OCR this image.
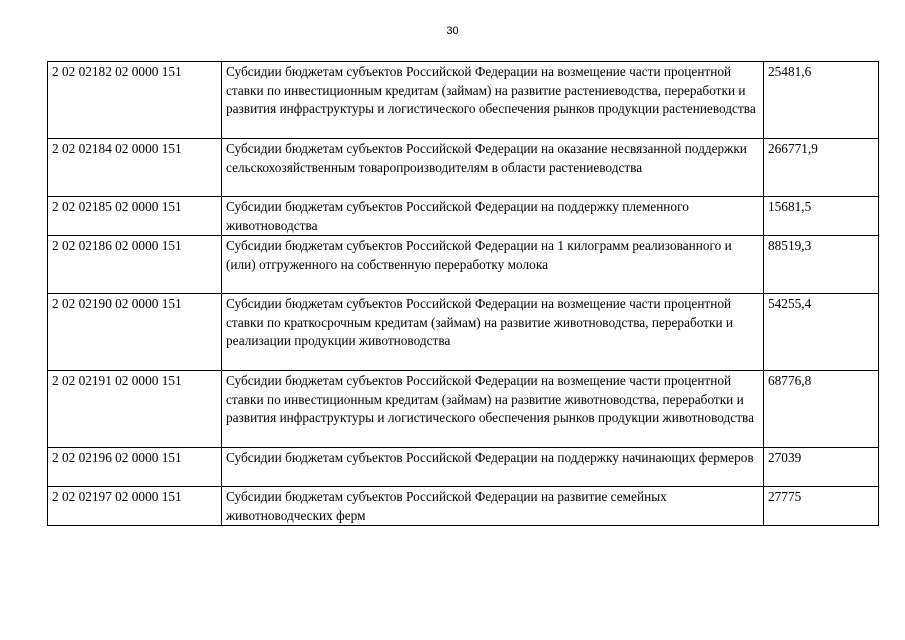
30
2 02 02182 02 0000 151	Субсидии бюджетам субъектов Российской Федерации на возмещение части процентной ставки по инвестиционным кредитам (займам) на развитие растениеводства, переработки и развития инфраструктуры и логистического обеспечения рынков продукции растениеводства	25481,6
2 02 02184 02 0000 151	Субсидии бюджетам субъектов Российской Федерации на оказание несвязанной поддержки сельскохозяйственным товаропроизводителям в области растениеводства	266771,9
2 02 02185 02 0000 151	Субсидии бюджетам субъектов Российской Федерации на поддержку племенного животноводства	15681,5
2 02 02186 02 0000 151	Субсидии бюджетам субъектов Российской Федерации на 1 килограмм реализованного и (или) отгруженного на собственную переработку молока	88519,3
2 02 02190 02 0000 151	Субсидии бюджетам субъектов Российской Федерации на возмещение части процентной ставки по краткосрочным кредитам (займам) на развитие животноводства, переработки и реализации продукции животноводства	54255,4
2 02 02191 02 0000 151	Субсидии бюджетам субъектов Российской Федерации на возмещение части процентной ставки по инвестиционным кредитам (займам) на развитие животноводства, переработки и развития инфраструктуры и логистического обеспечения рынков продукции животноводства	68776,8
2 02 02196 02 0000 151	Субсидии бюджетам субъектов Российской Федерации на поддержку начинающих фермеров	27039
2 02 02197 02 0000 151	Субсидии бюджетам субъектов Российской Федерации на развитие семейных животноводческих ферм	27775
